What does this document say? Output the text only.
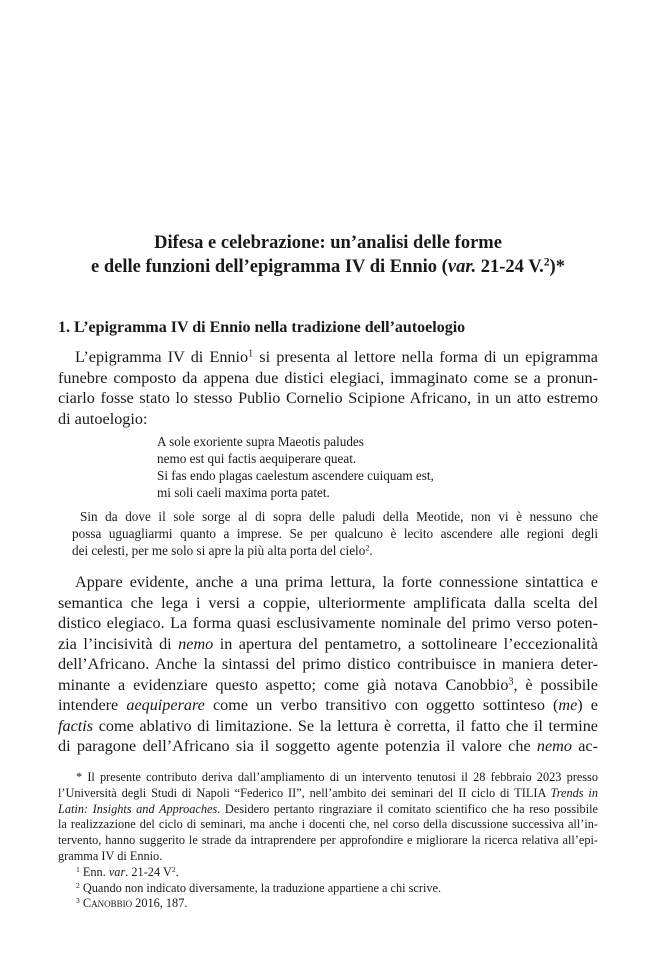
Difesa e celebrazione: un’analisi delle forme
e delle funzioni dell’epigramma IV di Ennio (var. 21-24 V.$^2$)*
1. L’epigramma IV di Ennio nella tradizione dell’autoelogio
L’epigramma IV di Ennio$^1$ si presenta al lettore nella forma di un epigramma
funebre composto da appena due distici elegiaci, immaginato come se a pronun-
ciarlo fosse stato lo stesso Publio Cornelio Scipione Africano, in un atto estremo
di autoelogio:
A sole exoriente supra Maeotis paludes
nemo est qui factis aequiperare queat.
Si fas endo plagas caelestum ascendere cuiquam est,
mi soli caeli maxima porta patet.
Sin da dove il sole sorge al di sopra delle paludi della Meotide, non vi è nessuno che
possa uguagliarmi quanto a imprese. Se per qualcuno è lecito ascendere alle regioni degli
dei celesti, per me solo si apre la più alta porta del cielo$^2$.
Appare evidente, anche a una prima lettura, la forte connessione sintattica e
semantica che lega i versi a coppie, ulteriormente amplificata dalla scelta del
distico elegiaco. La forma quasi esclusivamente nominale del primo verso poten-
zia l’incisività di nemo in apertura del pentametro, a sottolineare l’eccezionalità
dell’Africano. Anche la sintassi del primo distico contribuisce in maniera deter-
minante a evidenziare questo aspetto; come già notava Canobbio$^3$, è possibile
intendere aequiperare come un verbo transitivo con oggetto sottinteso (me) e
factis come ablativo di limitazione. Se la lettura è corretta, il fatto che il termine
di paragone dell’Africano sia il soggetto agente potenzia il valore che nemo ac-
* Il presente contributo deriva dall’ampliamento di un intervento tenutosi il 28 febbraio 2023 presso
l’Università degli Studi di Napoli “Federico II”, nell’ambito dei seminari del II ciclo di TILIA Trends in
Latin: Insights and Approaches. Desidero pertanto ringraziare il comitato scientifico che ha reso possibile
la realizzazione del ciclo di seminari, ma anche i docenti che, nel corso della discussione successiva all’in-
tervento, hanno suggerito le strade da intraprendere per approfondire e migliorare la ricerca relativa all’epi-
gramma IV di Ennio.
$^1$ Enn. var. 21-24 $V^2$.
$^2$ Quando non indicato diversamente, la traduzione appartiene a chi scrive.
$^3$ Canobbio 2016, 187.
